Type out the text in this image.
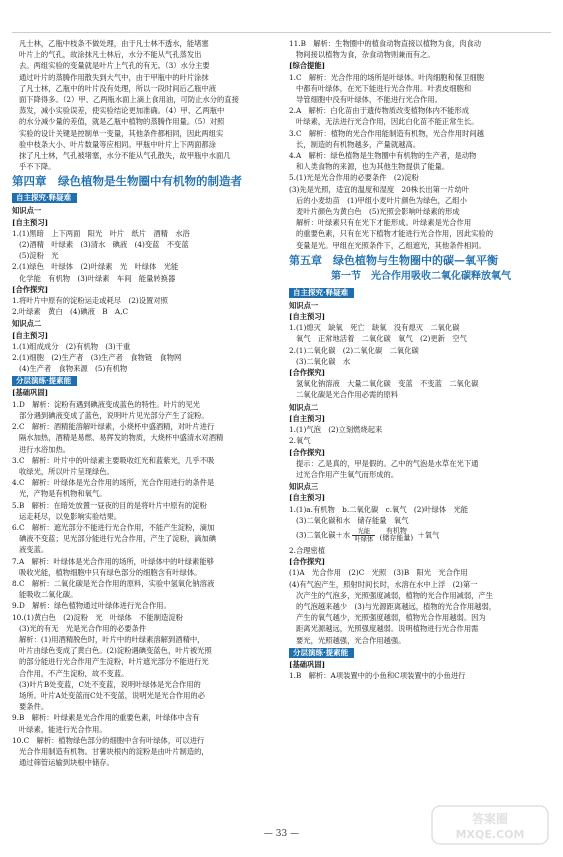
凡士林，乙瓶中枝条不做处理，由于凡士林不透水，能堵塞

叶片上的气孔，故涂抹凡士林后，水分不能从气孔蒸发出

去。两组实验的变量就是叶片上气孔的有无。（3）水分主要

通过叶片的蒸腾作用散失到大气中，由于甲瓶中的叶片涂抹

了凡士林，乙瓶中的叶片没有处理，所以一段时间后乙瓶中液

面下降得多。（2）甲、乙两瓶水面上滴上食用油，可防止水分的直接

蒸发，减小实验误差，使实验结论更加准确。（4）甲、乙两瓶中

的水分减少量的差值，就是乙瓶中植物的蒸腾作用量。（5）对照

实验的设计关键是控制单一变量，其他条件都相同，因此两组实

验中枝条大小、叶片数量等应相同。甲瓶中叶片上下两面都涂

抹了凡士林，气孔被堵塞，水分不能从气孔散失，故甲瓶中水面几

乎不下降。

第四章　绿色植物是生物圈中有机物的制造者
自主探究·释疑难

知识点一

[自主预习]

1.(1)黑暗　上下两面　阳光　叶片　纸片　酒精　水浴

(2)酒精　叶绿素　(3)清水　碘液　(4)变蓝　不变蓝

(5)淀粉　光

2.(1)绿色　叶绿体　(2)叶绿素　光　叶绿体　光能

化学能　有机物　(3)叶绿素　车间　能量转换器

[合作探究]

1.将叶片中原有的淀粉运走或耗尽　(2)设置对照

2.叶绿素　黄白　(4)碘液　B　A,C

知识点二

[自主预习]

1.(1)组成成分　(2)有机物　(3)干重

2.(1)细胞　(2)生产者　(3)生产者　食物链　食物网

(4)生产者　食物来源　(5)有机物

分层演练·提素能

[基础巩固]

1.D　解析：淀粉有遇到碘液变成蓝色的特性。叶片的见光

部分遇到碘液变成了蓝色，说明叶片见光部分产生了淀粉。

2.C　解析：酒精能溶解叶绿素，小烧杯中盛酒精，对叶片进行

隔水加热，酒精是易燃、易挥发的物质，大烧杯中盛清水对酒精

进行水浴加热。

3.C　解析：叶片中的叶绿素主要吸收红光和蓝紫光，几乎不吸

收绿光，所以叶片呈现绿色。

4.C　解析：叶绿体是光合作用的场所，光合作用进行的条件是

光，产物是有机物和氧气。

5.B　解析：在暗处放置一昼夜的目的是将叶片中原有的淀粉

运走耗尽，以免影响实验结果。

6.C　解析：遮光部分不能进行光合作用，不能产生淀粉，滴加

碘液不变蓝；见光部分能进行光合作用，产生了淀粉，滴加碘

液变蓝。

7.A　解析：叶绿体是光合作用的场所，叶绿体中的叶绿素能够

吸收光能，植物细胞中只有绿色部分的细胞含有叶绿体。

8.C　解析：二氧化碳是光合作用的原料，实验中氢氧化钠溶液

能吸收二氧化碳。

9.D　解析：绿色植物通过叶绿体进行光合作用。

10.(1)黄白色　(2)淀粉　光　叶绿体　不能制造淀粉

(3)光的有无　光是光合作用的必要条件

解析：(1)用酒精脱色时，叶片中的叶绿素溶解到酒精中，

叶片由绿色变成了黄白色。(2)淀粉遇碘变蓝色，叶片被光照

的部分能进行光合作用产生淀粉，叶片遮光部分不能进行光

合作用，不产生淀粉，故不变蓝。

(3)叶片B处变蓝，C处不变蓝，说明叶绿体是光合作用的

场所。叶片A处变蓝而C处不变蓝，说明光是光合作用的必

要条件。

9.B　解析：叶绿素是光合作用的重要色素，叶绿体中含有

叶绿素，能进行光合作用。

10.C　解析：植物绿色部分的细胞中含有叶绿体，可以进行

光合作用制造有机物。甘薯块根内的淀粉是由叶片制造的，

通过筛管运输到块根中储存。

11.B　解析：生物圈中的植食动物直接以植物为食，肉食动

物间接以植物为食，杂食动物则兼而有之。

[综合提能]

1.C　解析：光合作用的场所是叶绿体。叶肉细胞和保卫细胞

中都有叶绿体，在光下能进行光合作用。叶表皮细胞和

导管细胞中没有叶绿体，不能进行光合作用。

2.A　解析：白化苗由于遗传物质改变植物体内不能形成

叶绿素，无法进行光合作用，因此白化苗不能正常生长。

3.C　解析：植物的光合作用能制造有机物，光合作用时间越

长，制造的有机物越多，产量就越高。

4.A　解析：绿色植物是生物圈中有机物的生产者，是动物

和人类食物的来源，也为其他生物提供了能量。

5.(1)光是光合作用的必要条件　(2)淀粉

(3)先是光照，适宜的温度和湿度　20株长出第一片幼叶

后的小麦幼苗　(1)甲组小麦叶片颜色为绿色，乙组小

麦叶片颜色为黄白色　(5)光照会影响叶绿素的形成

解析：叶绿素只有在光下才能形成。叶绿素是光合作用

的重要色素，只有在光下植物才能进行光合作用，因此实验的

变量是光。甲组在光照条件下，乙组遮光，其他条件相同。

第五章　绿色植物与生物圈中的碳—氧平衡
第一节　光合作用吸收二氧化碳释放氧气
自主探究·释疑难

知识点一

[自主预习]

1.(1)熄灭　缺氧　死亡　缺氧　没有熄灭　二氧化碳

氧气　正常地活着　二氧化碳　氧气　(2)更新　空气

2.(1)二氧化碳　(2)二氧化碳　二氧化碳

(3)二氧化碳　水

[合作探究]

氢氧化钠溶液　大量二氧化碳　变蓝　不变蓝　二氧化碳

二氧化碳是光合作用必需的原料

知识点二

[自主预习]

1.(1)气泡　(2)立刻燃烧起来

2.氧气

[合作探究]

提示：乙是真的，甲是假的。乙中的气泡是水草在光下通

过光合作用产生氧气而形成的。

知识点三

[自主预习]

1.(1)a.有机物　b.二氧化碳　c.氧气　(2)叶绿体　光能

(3)二氧化碳和水　储存能量　氧气

(3)二氧化碳＋水 $\frac{\text{光能}}{\text{叶绿体}}$
	有机物
(储存能量) ＋氧气

2.合理密植

[合作探究]

(1)A　光合作用　(2)C　光照　(3)B　阳光　光合作用

(4)有气泡产生，照射时间长时，水溶在水中上浮　(2)第一

次产生的气泡多，光照强度减弱，植物的光合作用减弱，产生

的气泡越来越少　(3)与光源距离越远，植物的光合作用越弱，

产生的氧气越少，光照强度越弱，植物光合作用越弱。因为

距离光源越远，光照强度越弱。说明植物进行光合作用需

要光，光照越强，光合作用越强。

分层演练·提素能

[基础巩固]

1.B　解析：A项装置中的小鱼和C项装置中的小鱼进行

— 33 —
答案圈
MXQE.COM
